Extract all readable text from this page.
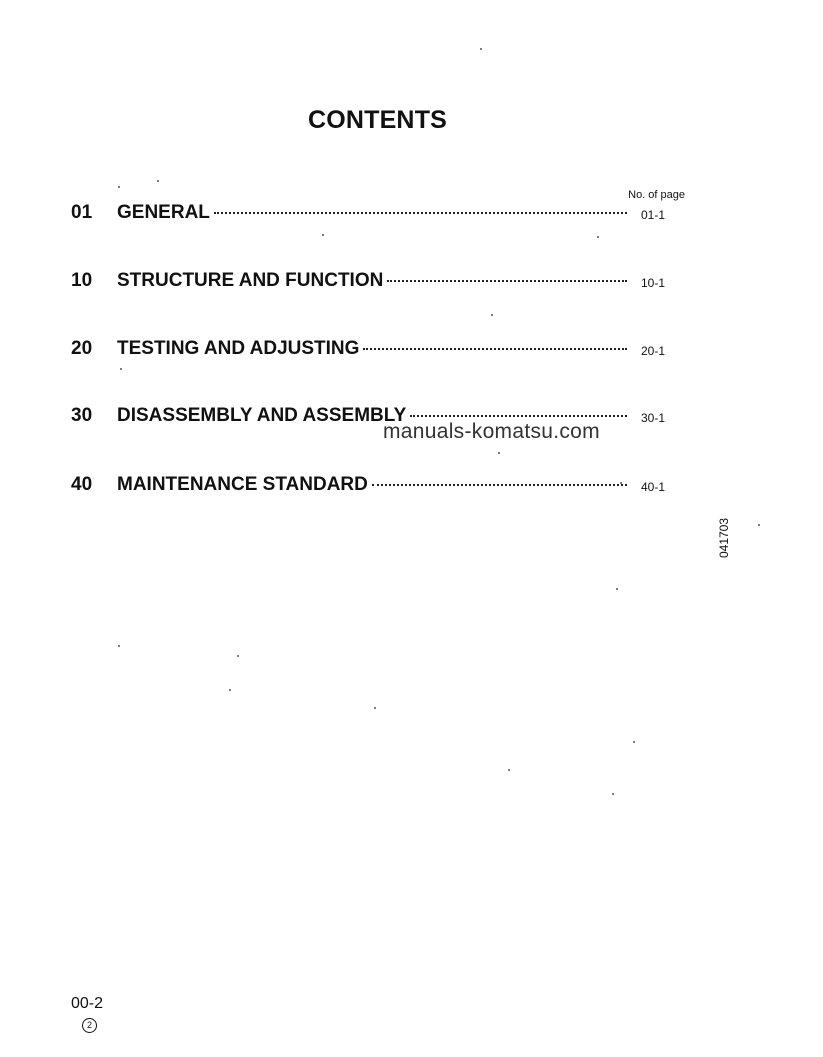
CONTENTS
No. of page
01 GENERAL	01-1
10 STRUCTURE AND FUNCTION	10-1
20 TESTING AND ADJUSTING	20-1
30 DISASSEMBLY AND ASSEMBLY	30-1
40 MAINTENANCE STANDARD	40-1
manuals-komatsu.com
041703
00-2
2
